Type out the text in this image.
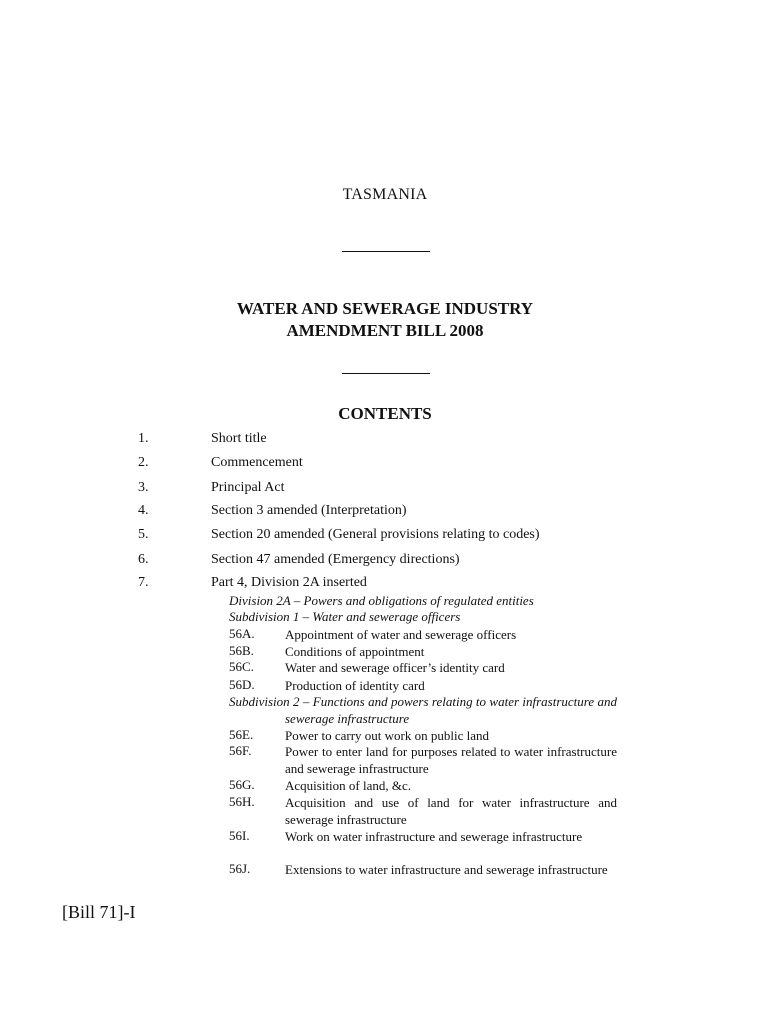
TASMANIA
WATER AND SEWERAGE INDUSTRY
AMENDMENT BILL 2008
CONTENTS
1.	Short title
2.	Commencement
3.	Principal Act
4.	Section 3 amended (Interpretation)
5.	Section 20 amended (General provisions relating to codes)
6.	Section 47 amended (Emergency directions)
7.	Part 4, Division 2A inserted
Division 2A – Powers and obligations of regulated entities
Subdivision 1 – Water and sewerage officers
56A. Appointment of water and sewerage officers
56B. Conditions of appointment
56C. Water and sewerage officer’s identity card
56D. Production of identity card
Subdivision 2 – Functions and powers relating to water infrastructure and sewerage infrastructure
56E. Power to carry out work on public land
56F.	Power to enter land for purposes related to water infrastructure and sewerage infrastructure
56G. Acquisition of land, &c.
56H. Acquisition and use of land for water infrastructure and sewerage infrastructure
56I.	Work on water infrastructure and sewerage infrastructure
56J.	Extensions to water infrastructure and sewerage infrastructure
[Bill 71]-I
